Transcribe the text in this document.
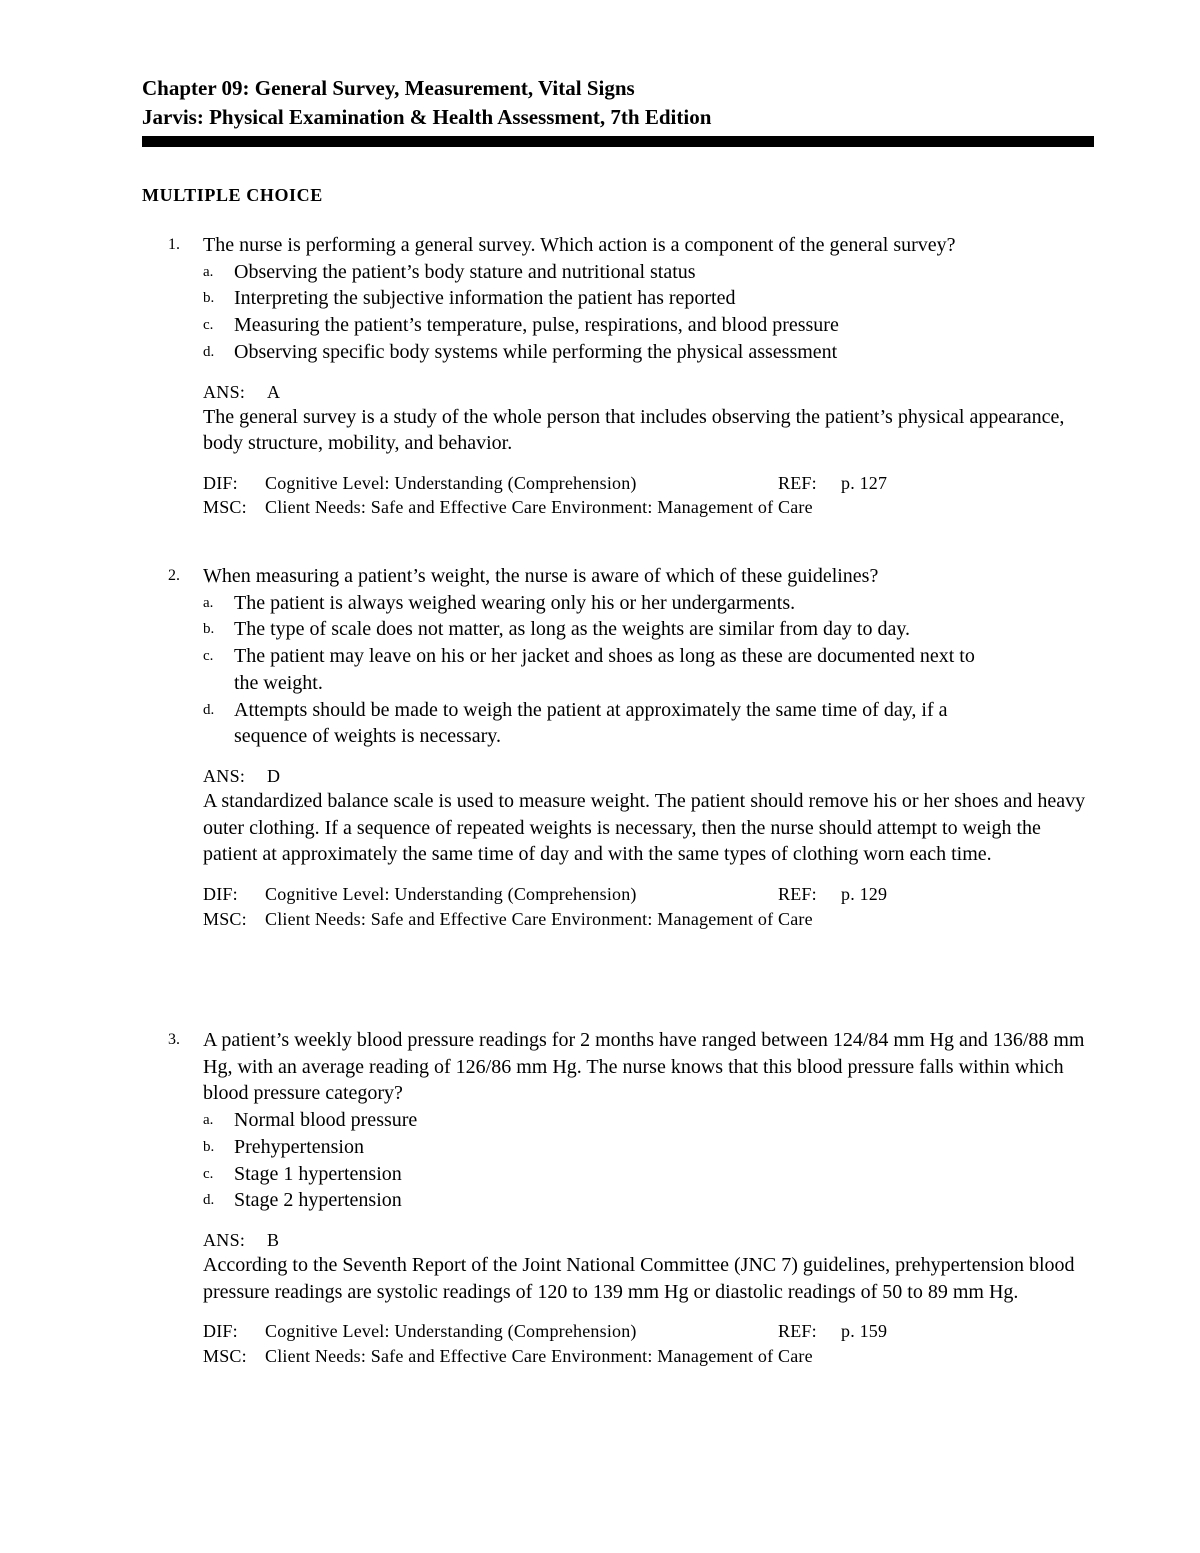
Chapter 09: General Survey, Measurement, Vital Signs
Jarvis: Physical Examination & Health Assessment, 7th Edition
MULTIPLE CHOICE
1. The nurse is performing a general survey. Which action is a component of the general survey?

a. Observing the patient’s body stature and nutritional status
b. Interpreting the subjective information the patient has reported
c. Measuring the patient’s temperature, pulse, respirations, and blood pressure
d. Observing specific body systems while performing the physical assessment
ANS: A

The general survey is a study of the whole person that includes observing the patient’s physical appearance, body structure, mobility, and behavior.

DIF: Cognitive Level: Understanding (Comprehension)	REF: p. 127
MSC: Client Needs: Safe and Effective Care Environment: Management of Care
2. When measuring a patient’s weight, the nurse is aware of which of these guidelines?

a. The patient is always weighed wearing only his or her undergarments.
b. The type of scale does not matter, as long as the weights are similar from day to day.
c. The patient may leave on his or her jacket and shoes as long as these are documented next to the weight.
d. Attempts should be made to weigh the patient at approximately the same time of day, if a sequence of weights is necessary.
ANS: D

A standardized balance scale is used to measure weight. The patient should remove his or her shoes and heavy outer clothing. If a sequence of repeated weights is necessary, then the nurse should attempt to weigh the patient at approximately the same time of day and with the same types of clothing worn each time.

DIF: Cognitive Level: Understanding (Comprehension)	REF: p. 129
MSC: Client Needs: Safe and Effective Care Environment: Management of Care
3. A patient’s weekly blood pressure readings for 2 months have ranged between 124/84 mm Hg and 136/88 mm Hg, with an average reading of 126/86 mm Hg. The nurse knows that this blood pressure falls within which blood pressure category?

a. Normal blood pressure
b. Prehypertension
c. Stage 1 hypertension
d. Stage 2 hypertension
ANS: B

According to the Seventh Report of the Joint National Committee (JNC 7) guidelines, prehypertension blood pressure readings are systolic readings of 120 to 139 mm Hg or diastolic readings of 50 to 89 mm Hg.

DIF: Cognitive Level: Understanding (Comprehension)	REF: p. 159
MSC: Client Needs: Safe and Effective Care Environment: Management of Care
